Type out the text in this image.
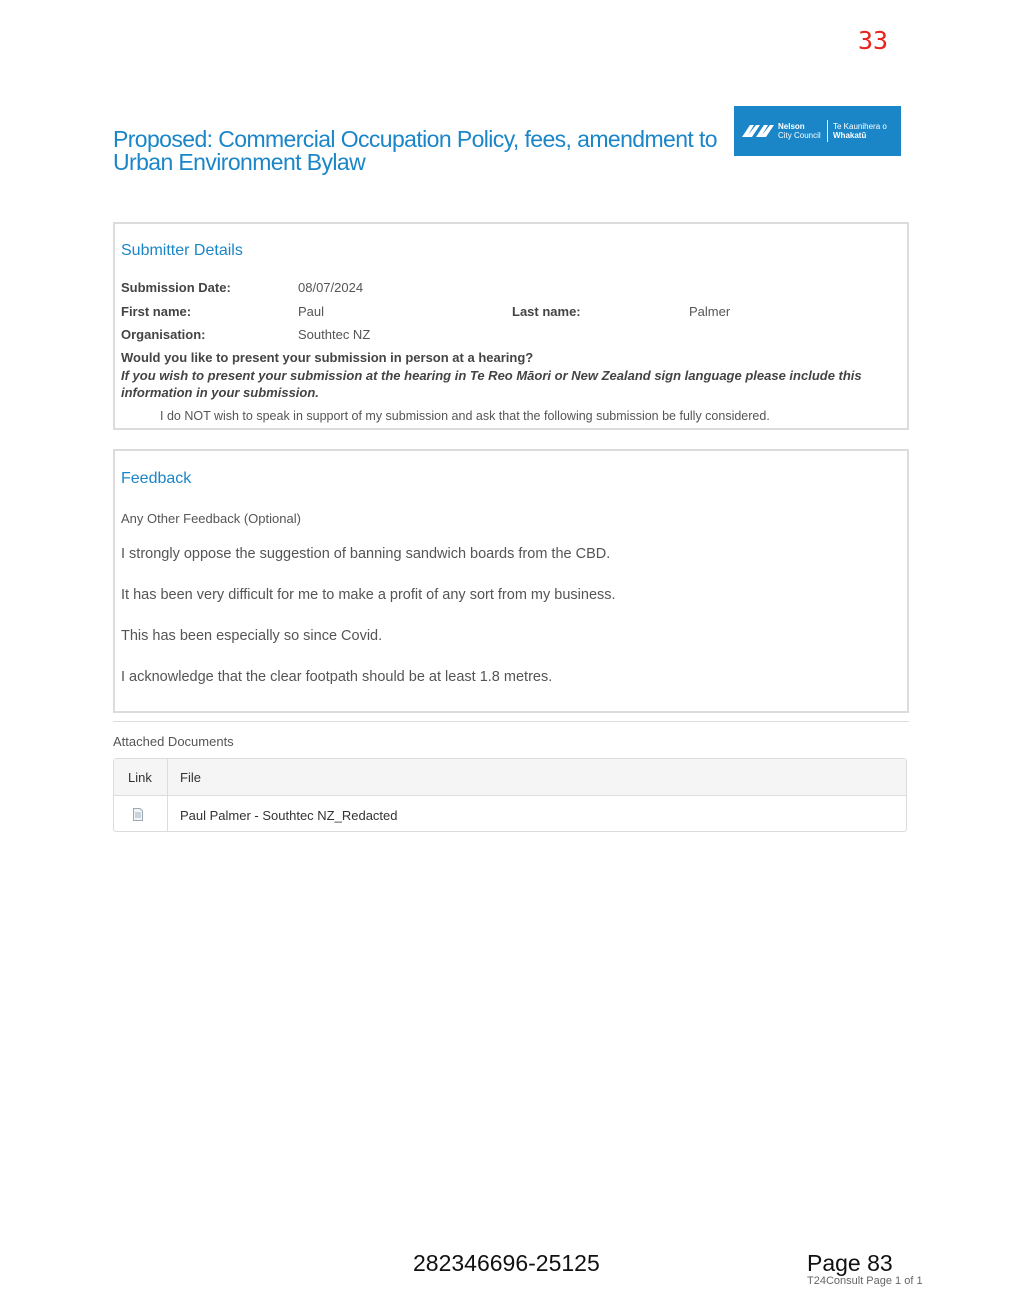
33
Proposed: Commercial Occupation Policy, fees, amendment to Urban Environment Bylaw
Nelson
City Council
Te Kaunihera o
Whakatū
Submitter Details
Submission Date:	08/07/2024
First name:	Paul	Last name:	Palmer
Organisation:	Southtec NZ
Would you like to present your submission in person at a hearing?
If you wish to present your submission at the hearing in Te Reo Māori or New Zealand sign language please include this information in your submission.
I do NOT wish to speak in support of my submission and ask that the following submission be fully considered.
Feedback
Any Other Feedback (Optional)
I strongly oppose the suggestion of banning sandwich boards from the CBD.
It has been very difficult for me to make a profit of any sort from my business.
This has been especially so since Covid.
I acknowledge that the clear footpath should be at least 1.8 metres.
Attached Documents
Link File
Paul Palmer - Southtec NZ_Redacted
282346696-25125	Page 83
T24Consult Page 1 of 1
